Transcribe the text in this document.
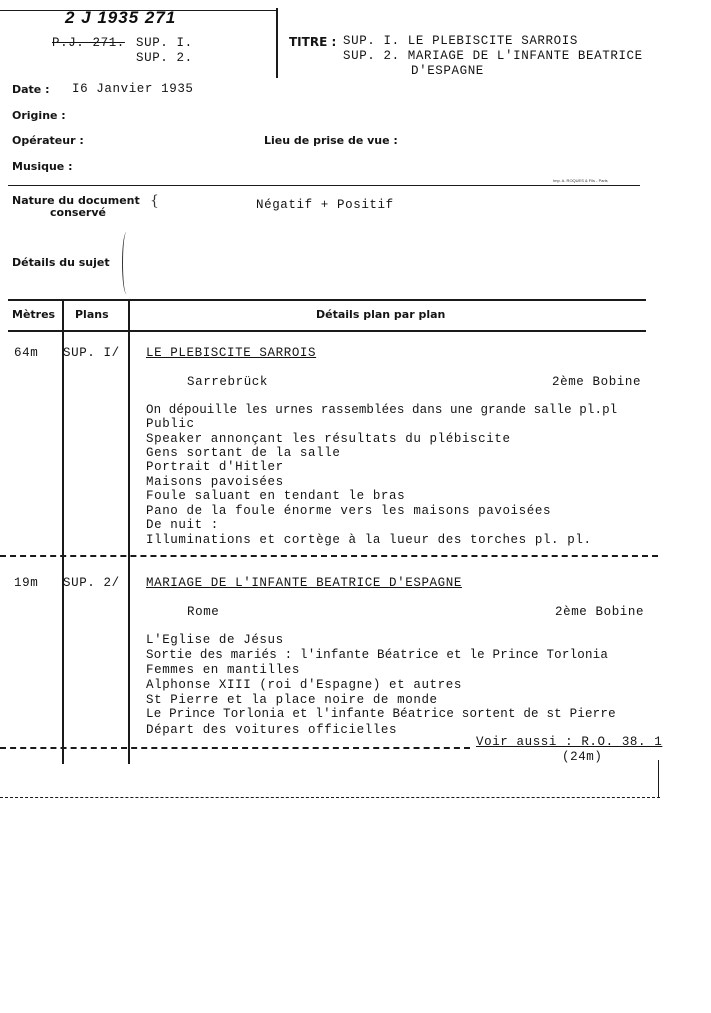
2 J 1935 271
P.J. 271. SUP. I.
SUP. 2.
TITRE : SUP. I. LE PLEBISCITE SARROIS
SUP. 2. MARIAGE DE L'INFANTE BEATRICE
D'ESPAGNE
Date : I6 Janvier 1935
Origine :
Opérateur :	Lieu de prise de vue :
Musique :
Imp. A. ROQUES & Fils - Paris
Nature du document
conservé
{	Négatif + Positif
Détails du sujet
Mètres Plans	Détails plan par plan
64m SUP. I/ LE PLEBISCITE SARROIS
Sarrebrück	2ème Bobine
On dépouille les urnes rassemblées dans une grande salle pl.pl
Public
Speaker annonçant les résultats du plébiscite
Gens sortant de la salle
Portrait d'Hitler
Maisons pavoisées
Foule saluant en tendant le bras
Pano de la foule énorme vers les maisons pavoisées
De nuit :
Illuminations et cortège à la lueur des torches pl. pl.
19m SUP. 2/ MARIAGE DE L'INFANTE BEATRICE D'ESPAGNE
Rome	2ème Bobine
L'Eglise de Jésus
Sortie des mariés : l'infante Béatrice et le Prince Torlonia
Femmes en mantilles
Alphonse XIII (roi d'Espagne) et autres
St Pierre et la place noire de monde
Le Prince Torlonia et l'infante Béatrice sortent de st Pierre
Départ des voitures officielles
Voir aussi : R.O. 38. 1
(24m)
